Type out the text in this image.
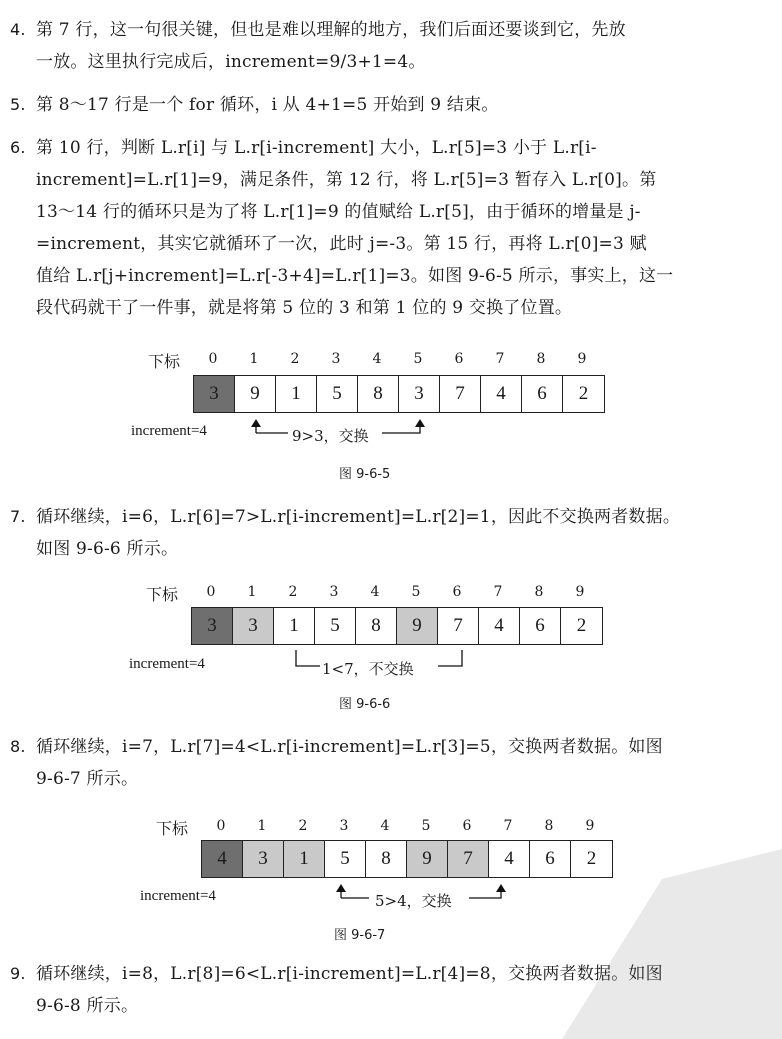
4. 第 7 行，这一句很关键，但也是难以理解的地方，我们后面还要谈到它，先放
一放。这里执行完成后，increment=9/3+1=4。
5. 第 8～17 行是一个 for 循环，i 从 4+1=5 开始到 9 结束。
6. 第 10 行，判断 L.r[i] 与 L.r[i-increment] 大小，L.r[5]=3 小于 L.r[i-
increment]=L.r[1]=9，满足条件，第 12 行，将 L.r[5]=3 暂存入 L.r[0]。第
13～14 行的循环只是为了将 L.r[1]=9 的值赋给 L.r[5]，由于循环的增量是 j-
=increment，其实它就循环了一次，此时 j=-3。第 15 行，再将 L.r[0]=3 赋
值给 L.r[j+increment]=L.r[-3+4]=L.r[1]=3。如图 9-6-5 所示，事实上，这一
段代码就干了一件事，就是将第 5 位的 3 和第 1 位的 9 交换了位置。
下标	0	1	2	3	4	5	6	7	8	9
3	9	1	5	8	3	7	4	6	2
increment=4	9>3，交换
图 9-6-5
7. 循环继续，i=6，L.r[6]=7>L.r[i-increment]=L.r[2]=1，因此不交换两者数据。
如图 9-6-6 所示。
下标	0	1	2	3	4	5	6	7	8	9
3	3	1	5	8	9	7	4	6	2
increment=4	1<7，不交换
图 9-6-6
8. 循环继续，i=7，L.r[7]=4<L.r[i-increment]=L.r[3]=5，交换两者数据。如图
9-6-7 所示。
下标	0	1	2	3	4	5	6	7	8	9
4	3	1	5	8	9	7	4	6	2
increment=4	5>4，交换
图 9-6-7
9. 循环继续，i=8，L.r[8]=6<L.r[i-increment]=L.r[4]=8，交换两者数据。如图
9-6-8 所示。
